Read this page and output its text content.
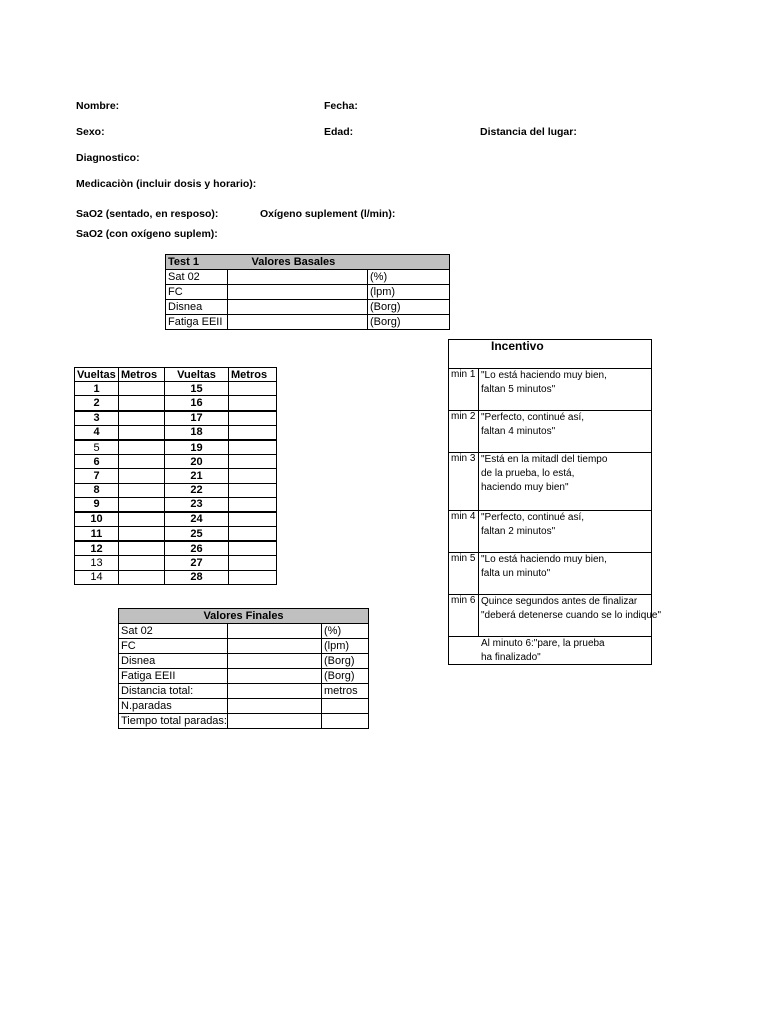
Nombre:	Fecha:
Sexo:	Edad:	Distancia del lugar:
Diagnostico:
Medicaciòn (incluir dosis y horario):
SaO2 (sentado, en resposo):	Oxígeno suplement (l/min):
SaO2 (con oxígeno suplem):
Test 1	Valores Basales	
Sat 02		(%)
FC		(lpm)
Disnea		(Borg)
Fatiga EEII		(Borg)
Vueltas	Metros	Vueltas	Metros
1		15	
2		16	
3		17	
4		18	
5		19	
6		20	
7		21	
8		22	
9		23	
10		24	
11		25	
12		26	
13		27	
14		28	
Valores Finales		
Sat 02		(%)
FC		(lpm)
Disnea		(Borg)
Fatiga EEII		(Borg)
Distancia total:		metros
N.paradas		
Tiempo total paradas:		
Incentivo
min 1 "Lo está haciendo muy bien,
faltan 5 minutos"
min 2 "Perfecto, continué así,
faltan 4 minutos"
min 3 "Está en la mitadl del tiempo
de la prueba, lo está,
haciendo muy bien"
min 4 "Perfecto, continué así,
faltan 2 minutos"
min 5 "Lo está haciendo muy bien,
falta un minuto"
min 6 Quince segundos antes de finalizar
"deberá detenerse cuando se lo indique"
Al minuto 6:"pare, la prueba
ha finalizado"
